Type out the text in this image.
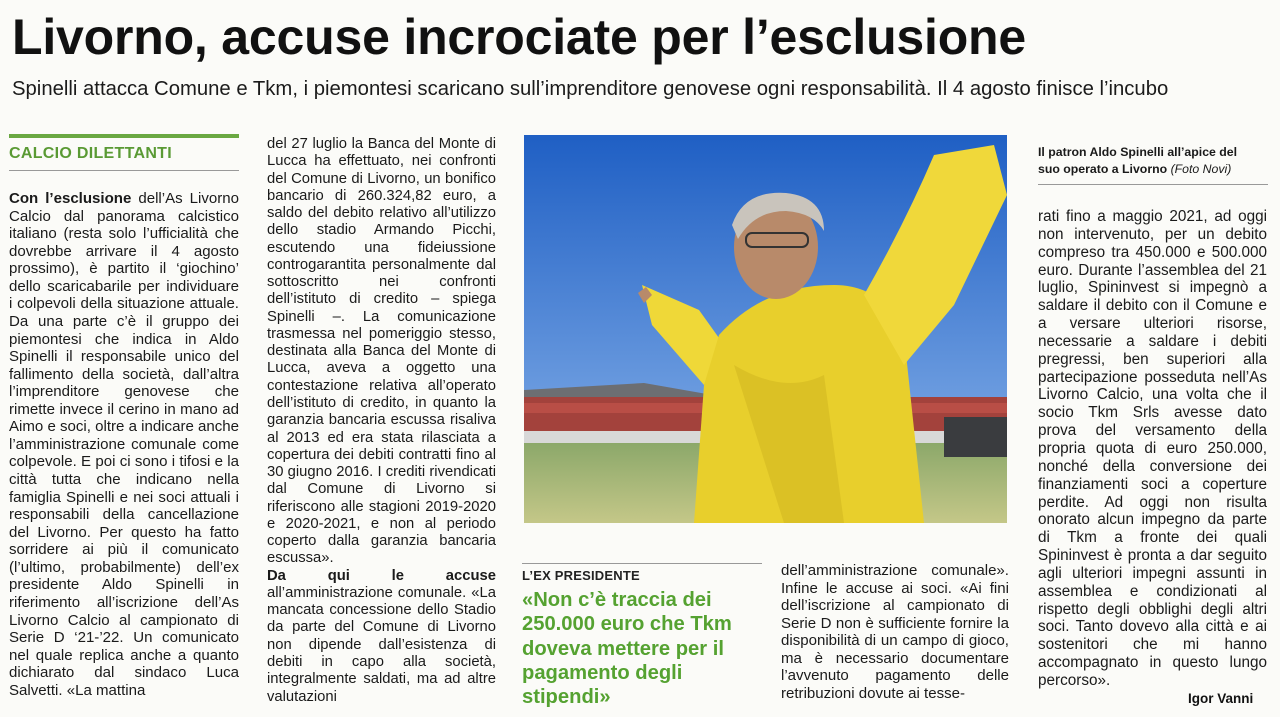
Livorno, accuse incrociate per l’esclusione
Spinelli attacca Comune e Tkm, i piemontesi scaricano sull’imprenditore genovese ogni responsabilità. Il 4 agosto finisce l’incubo
CALCIO DILETTANTI

Con l’esclusione dell’As Livorno Calcio dal panorama calcistico italiano (resta solo l’ufficialità che dovrebbe arrivare il 4 agosto prossimo), è partito il ‘giochino’ dello scaricabarile per individuare i colpevoli della situazione attuale. Da una parte c’è il gruppo dei piemontesi che indica in Aldo Spinelli il responsabile unico del fallimento della società, dall’altra l’imprenditore genovese che rimette invece il cerino in mano ad Aimo e soci, oltre a indicare anche l’amministrazione comunale come colpevole. E poi ci sono i tifosi e la città tutta che indicano nella famiglia Spinelli e nei soci attuali i responsabili della cancellazione del Livorno. Per questo ha fatto sorridere ai più il comunicato (l’ultimo, probabilmente) dell’ex presidente Aldo Spinelli in riferimento all’iscrizione dell’As Livorno Calcio al campionato di Serie D ‘21-’22. Un comunicato nel quale replica anche a quanto dichiarato dal sindaco Luca Salvetti. «La mattina

del 27 luglio la Banca del Monte di Lucca ha effettuato, nei confronti del Comune di Livorno, un bonifico bancario di 260.324,82 euro, a saldo del debito relativo all’utilizzo dello stadio Armando Picchi, escutendo una fideiussione controgarantita personalmente dal sottoscritto nei confronti dell’istituto di credito – spiega Spinelli –. La comunicazione trasmessa nel pomeriggio stesso, destinata alla Banca del Monte di Lucca, aveva a oggetto una contestazione relativa all’operato dell’istituto di credito, in quanto la garanzia bancaria escussa risaliva al 2013 ed era stata rilasciata a copertura dei debiti contratti fino al 30 giugno 2016. I crediti rivendicati dal Comune di Livorno si riferiscono alle stagioni 2019-2020 e 2020-2021, e non al periodo coperto dalla garanzia bancaria escussa».

Da qui le accuse all’amministrazione comunale. «La mancata concessione dello Stadio da parte del Comune di Livorno non dipende dall’esistenza di debiti in capo alla società, integralmente saldati, ma ad altre valutazioni

Il patron Aldo Spinelli all’apice del suo operato a Livorno (Foto Novi)

rati fino a maggio 2021, ad oggi non intervenuto, per un debito compreso tra 450.000 e 500.000 euro. Durante l’assemblea del 21 luglio, Spininvest si impegnò a saldare il debito con il Comune e a versare ulteriori risorse, necessarie a saldare i debiti pregressi, ben superiori alla partecipazione posseduta nell’As Livorno Calcio, una volta che il socio Tkm Srls avesse dato prova del versamento della propria quota di euro 250.000, nonché della conversione dei finanziamenti soci a coperture perdite. Ad oggi non risulta onorato alcun impegno da parte di Tkm a fronte dei quali Spininvest è pronta a dar seguito agli ulteriori impegni assunti in assemblea e condizionati al rispetto degli obblighi degli altri soci. Tanto dovevo alla città e ai sostenitori che mi hanno accompagnato in questo lungo percorso».

L’EX PRESIDENTE
«Non c’è traccia dei 250.000 euro che Tkm doveva mettere per il pagamento degli stipendi»

dell’amministrazione comunale». Infine le accuse ai soci. «Ai fini dell’iscrizione al campionato di Serie D non è sufficiente fornire la disponibilità di un campo di gioco, ma è necessario documentare l’avvenuto pagamento delle retribuzioni dovute ai tesse-	Igor Vanni
